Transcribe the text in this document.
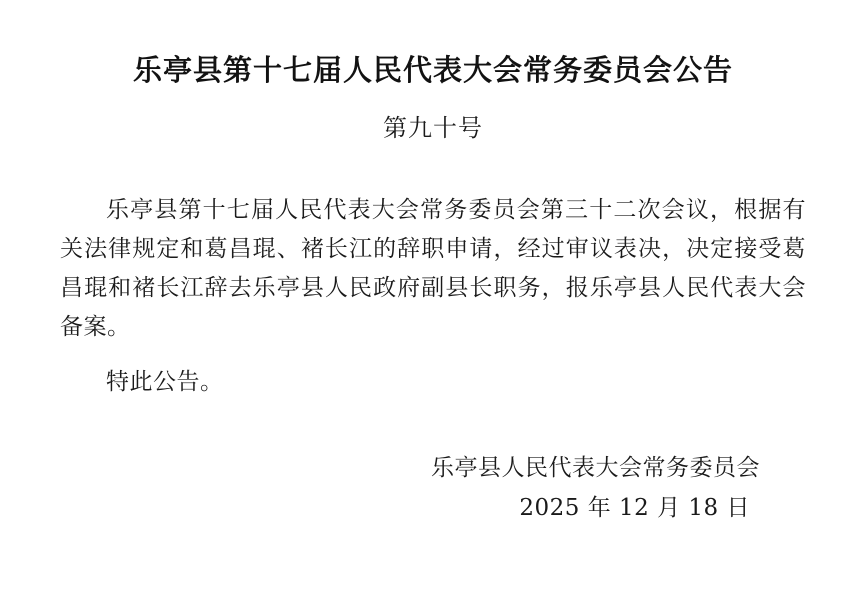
乐亭县第十七届人民代表大会常务委员会公告
第九十号

乐亭县第十七届人民代表大会常务委员会第三十二次会议，根据有关法律规定和葛昌琨、褚长江的辞职申请，经过审议表决，决定接受葛昌琨和褚长江辞去乐亭县人民政府副县长职务，报乐亭县人民代表大会备案。

特此公告。

乐亭县人民代表大会常务委员会
2025 年 12 月 18 日
